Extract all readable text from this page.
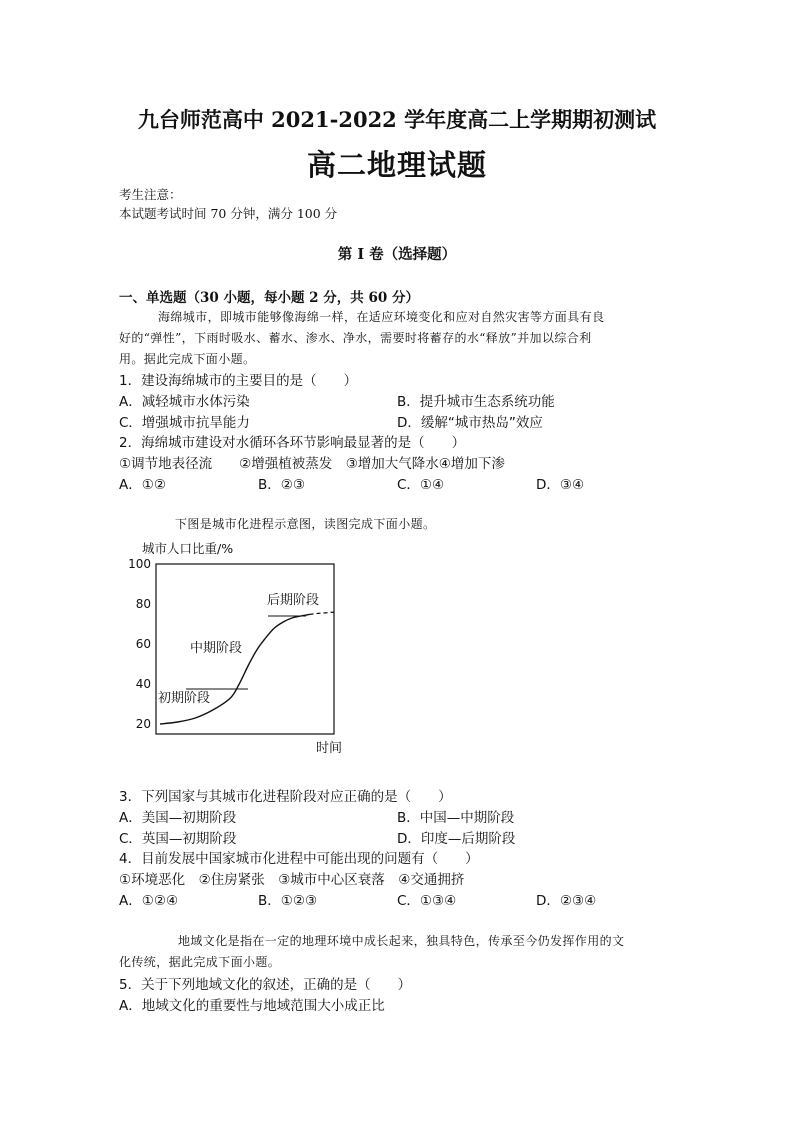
九台师范高中 2021-2022 学年度高二上学期期初测试
高二地理试题
考生注意：
本试题考试时间 70 分钟，满分 100 分
第 I 卷（选择题）
一、单选题（30 小题，每小题 2 分，共 60 分）
海绵城市，即城市能够像海绵一样，在适应环境变化和应对自然灾害等方面具有良
好的“弹性”，下雨时吸水、蓄水、渗水、净水，需要时将蓄存的水“释放”并加以综合利
用。据此完成下面小题。
1．建设海绵城市的主要目的是（　　）
A．减轻城市水体污染	B．提升城市生态系统功能
C．增强城市抗旱能力	D．缓解“城市热岛”效应
2．海绵城市建设对水循环各环节影响最显著的是（　　）
①调节地表径流　　②增强植被蒸发　③增加大气降水④增加下渗
A．①②	B．②③	C．①④	D．③④
下图是城市化进程示意图，读图完成下面小题。
城市人口比重/%
100
80
60
40
20
初期阶段
中期阶段
后期阶段
时间
3．下列国家与其城市化进程阶段对应正确的是（　　）
A．美国—初期阶段	B．中国—中期阶段
C．英国—初期阶段	D．印度—后期阶段
4．目前发展中国家城市化进程中可能出现的问题有（　　）
①环境恶化　②住房紧张　③城市中心区衰落　④交通拥挤
A．①②④	B．①②③	C．①③④	D．②③④
地域文化是指在一定的地理环境中成长起来，独具特色，传承至今仍发挥作用的文
化传统，据此完成下面小题。
5．关于下列地域文化的叙述，正确的是（　　）
A．地域文化的重要性与地域范围大小成正比
